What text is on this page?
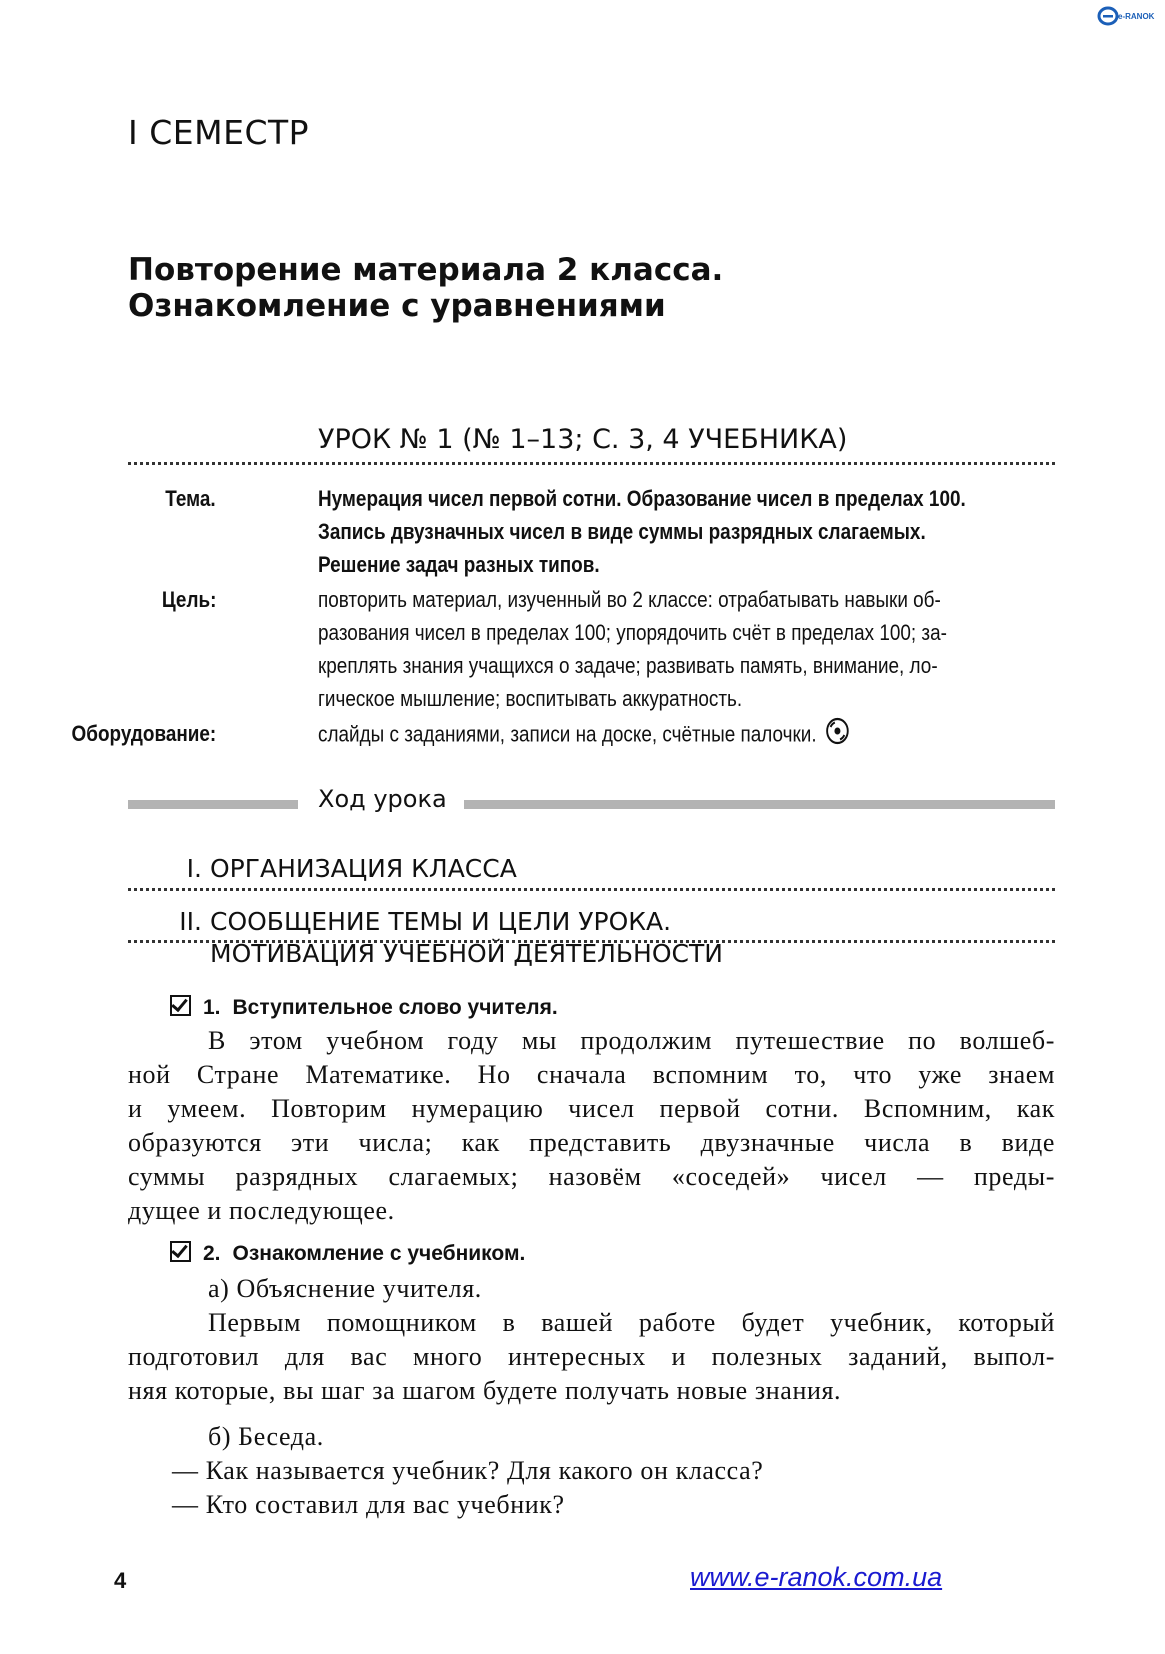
e-RANOK
І СЕМЕСТР
Повторение материала 2 класса.
Ознакомление с уравнениями
УРОК № 1 (№ 1–13; С. 3, 4 УЧЕБНИКА)
Тема.	Нумерация чисел первой сотни. Образование чисел в пределах 100.
Запись двузначных чисел в виде суммы разрядных слагаемых.
Решение задач разных типов.
Цель:	повторить материал, изученный во 2 классе: отрабатывать навыки об-
разования чисел в пределах 100; упорядочить счёт в пределах 100; за-
креплять знания учащихся о задаче; развивать память, внимание, ло-
гическое мышление; воспитывать аккуратность.
Оборудование:	слайды с заданиями, записи на доске, счётные палочки.
Ход урока
I. ОРГАНИЗАЦИЯ КЛАССА
II. СООБЩЕНИЕ ТЕМЫ И ЦЕЛИ УРОКА.
МОТИВАЦИЯ УЧЕБНОЙ ДЕЯТЕЛЬНОСТИ
1. Вступительное слово учителя.
В этом учебном году мы продолжим путешествие по волшеб-
ной Стране Математике. Но сначала вспомним то, что уже знаем
и умеем. Повторим нумерацию чисел первой сотни. Вспомним, как
образуются эти числа; как представить двузначные числа в виде
суммы разрядных слагаемых; назовём «соседей» чисел — преды-
дущее и последующее.
2. Ознакомление с учебником.
а) Объяснение учителя.
Первым помощником в вашей работе будет учебник, который
подготовил для вас много интересных и полезных заданий, выпол-
няя которые, вы шаг за шагом будете получать новые знания.
б) Беседа.
— Как называется учебник? Для какого он класса?
— Кто составил для вас учебник?
4	www.e-ranok.com.ua
